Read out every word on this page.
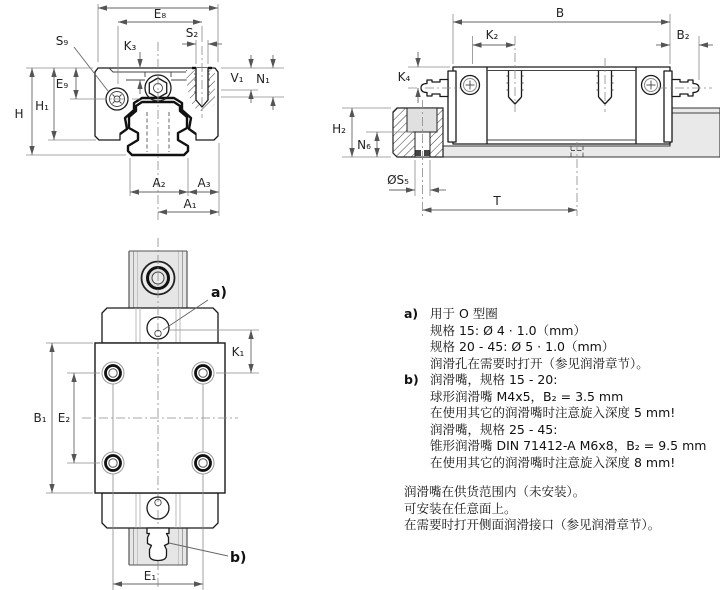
E₈
S₂
K₃
S₉
E₉
H₁
H
V₁ N₁
A₂	A₃
A₁
B
K₂	B₂
K₄
H₂
N₆
ØS₅
T
B₁ E₂
K₁
E₁
a)
b)
a) 用于 O 型圈
规格 15: Ø 4 · 1.0（mm）
规格 20 - 45: Ø 5 · 1.0（mm）
润滑孔在需要时打开（参见润滑章节）。
b) 润滑嘴，规格 15 - 20:
球形润滑嘴 M4x5，B₂ = 3.5 mm
在使用其它的润滑嘴时注意旋入深度 5 mm!
润滑嘴，规格 25 - 45:
锥形润滑嘴 DIN 71412-A M6x8，B₂ = 9.5 mm
在使用其它的润滑嘴时注意旋入深度 8 mm!
润滑嘴在供货范围内（未安装）。
可安装在任意面上。
在需要时打开侧面润滑接口（参见润滑章节）。
